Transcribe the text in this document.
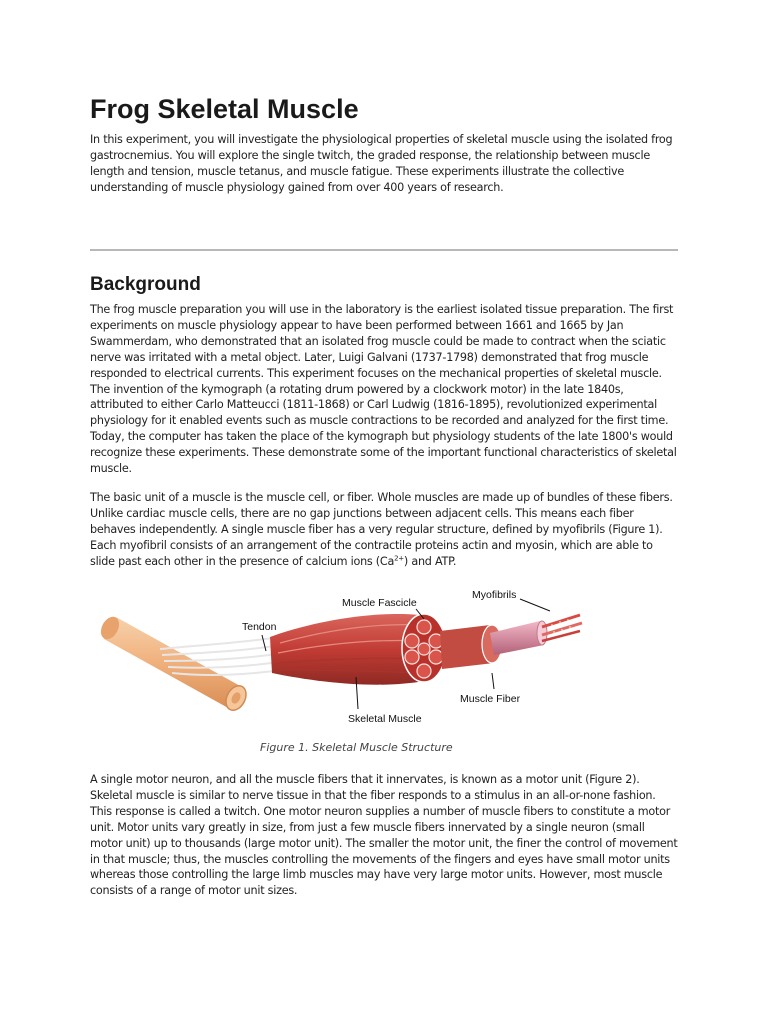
Frog Skeletal Muscle

In this experiment, you will investigate the physiological properties of skeletal muscle using the isolated frog gastrocnemius. You will explore the single twitch, the graded response, the relationship between muscle length and tension, muscle tetanus, and muscle fatigue. These experiments illustrate the collective understanding of muscle physiology gained from over 400 years of research.

Background

The frog muscle preparation you will use in the laboratory is the earliest isolated tissue preparation. The first experiments on muscle physiology appear to have been performed between 1661 and 1665 by Jan Swammerdam, who demonstrated that an isolated frog muscle could be made to contract when the sciatic nerve was irritated with a metal object. Later, Luigi Galvani (1737-1798) demonstrated that frog muscle responded to electrical currents. This experiment focuses on the mechanical properties of skeletal muscle. The invention of the kymograph (a rotating drum powered by a clockwork motor) in the late 1840s, attributed to either Carlo Matteucci (1811-1868) or Carl Ludwig (1816-1895), revolutionized experimental physiology for it enabled events such as muscle contractions to be recorded and analyzed for the first time. Today, the computer has taken the place of the kymograph but physiology students of the late 1800's would recognize these experiments. These demonstrate some of the important functional characteristics of skeletal muscle.

The basic unit of a muscle is the muscle cell, or fiber. Whole muscles are made up of bundles of these fibers. Unlike cardiac muscle cells, there are no gap junctions between adjacent cells. This means each fiber behaves independently. A single muscle fiber has a very regular structure, defined by myofibrils (Figure 1). Each myofibril consists of an arrangement of the contractile proteins actin and myosin, which are able to slide past each other in the presence of calcium ions $(Ca^{2+})$ and ATP.

A single motor neuron, and all the muscle fibers that it innervates, is known as a motor unit (Figure 2). Skeletal muscle is similar to nerve tissue in that the fiber responds to a stimulus in an all-or-none fashion. This response is called a twitch. One motor neuron supplies a number of muscle fibers to constitute a motor unit. Motor units vary greatly in size, from just a few muscle fibers innervated by a single neuron (small motor unit) up to thousands (large motor unit). The smaller the motor unit, the finer the control of movement in that muscle; thus, the muscles controlling the movements of the fingers and eyes have small motor units whereas those controlling the large limb muscles may have very large motor units. However, most muscle consists of a range of motor unit sizes.

Tendon
Muscle Fascicle
Myofibrils
Muscle Fiber
Skeletal Muscle
Figure 1. Skeletal Muscle Structure
